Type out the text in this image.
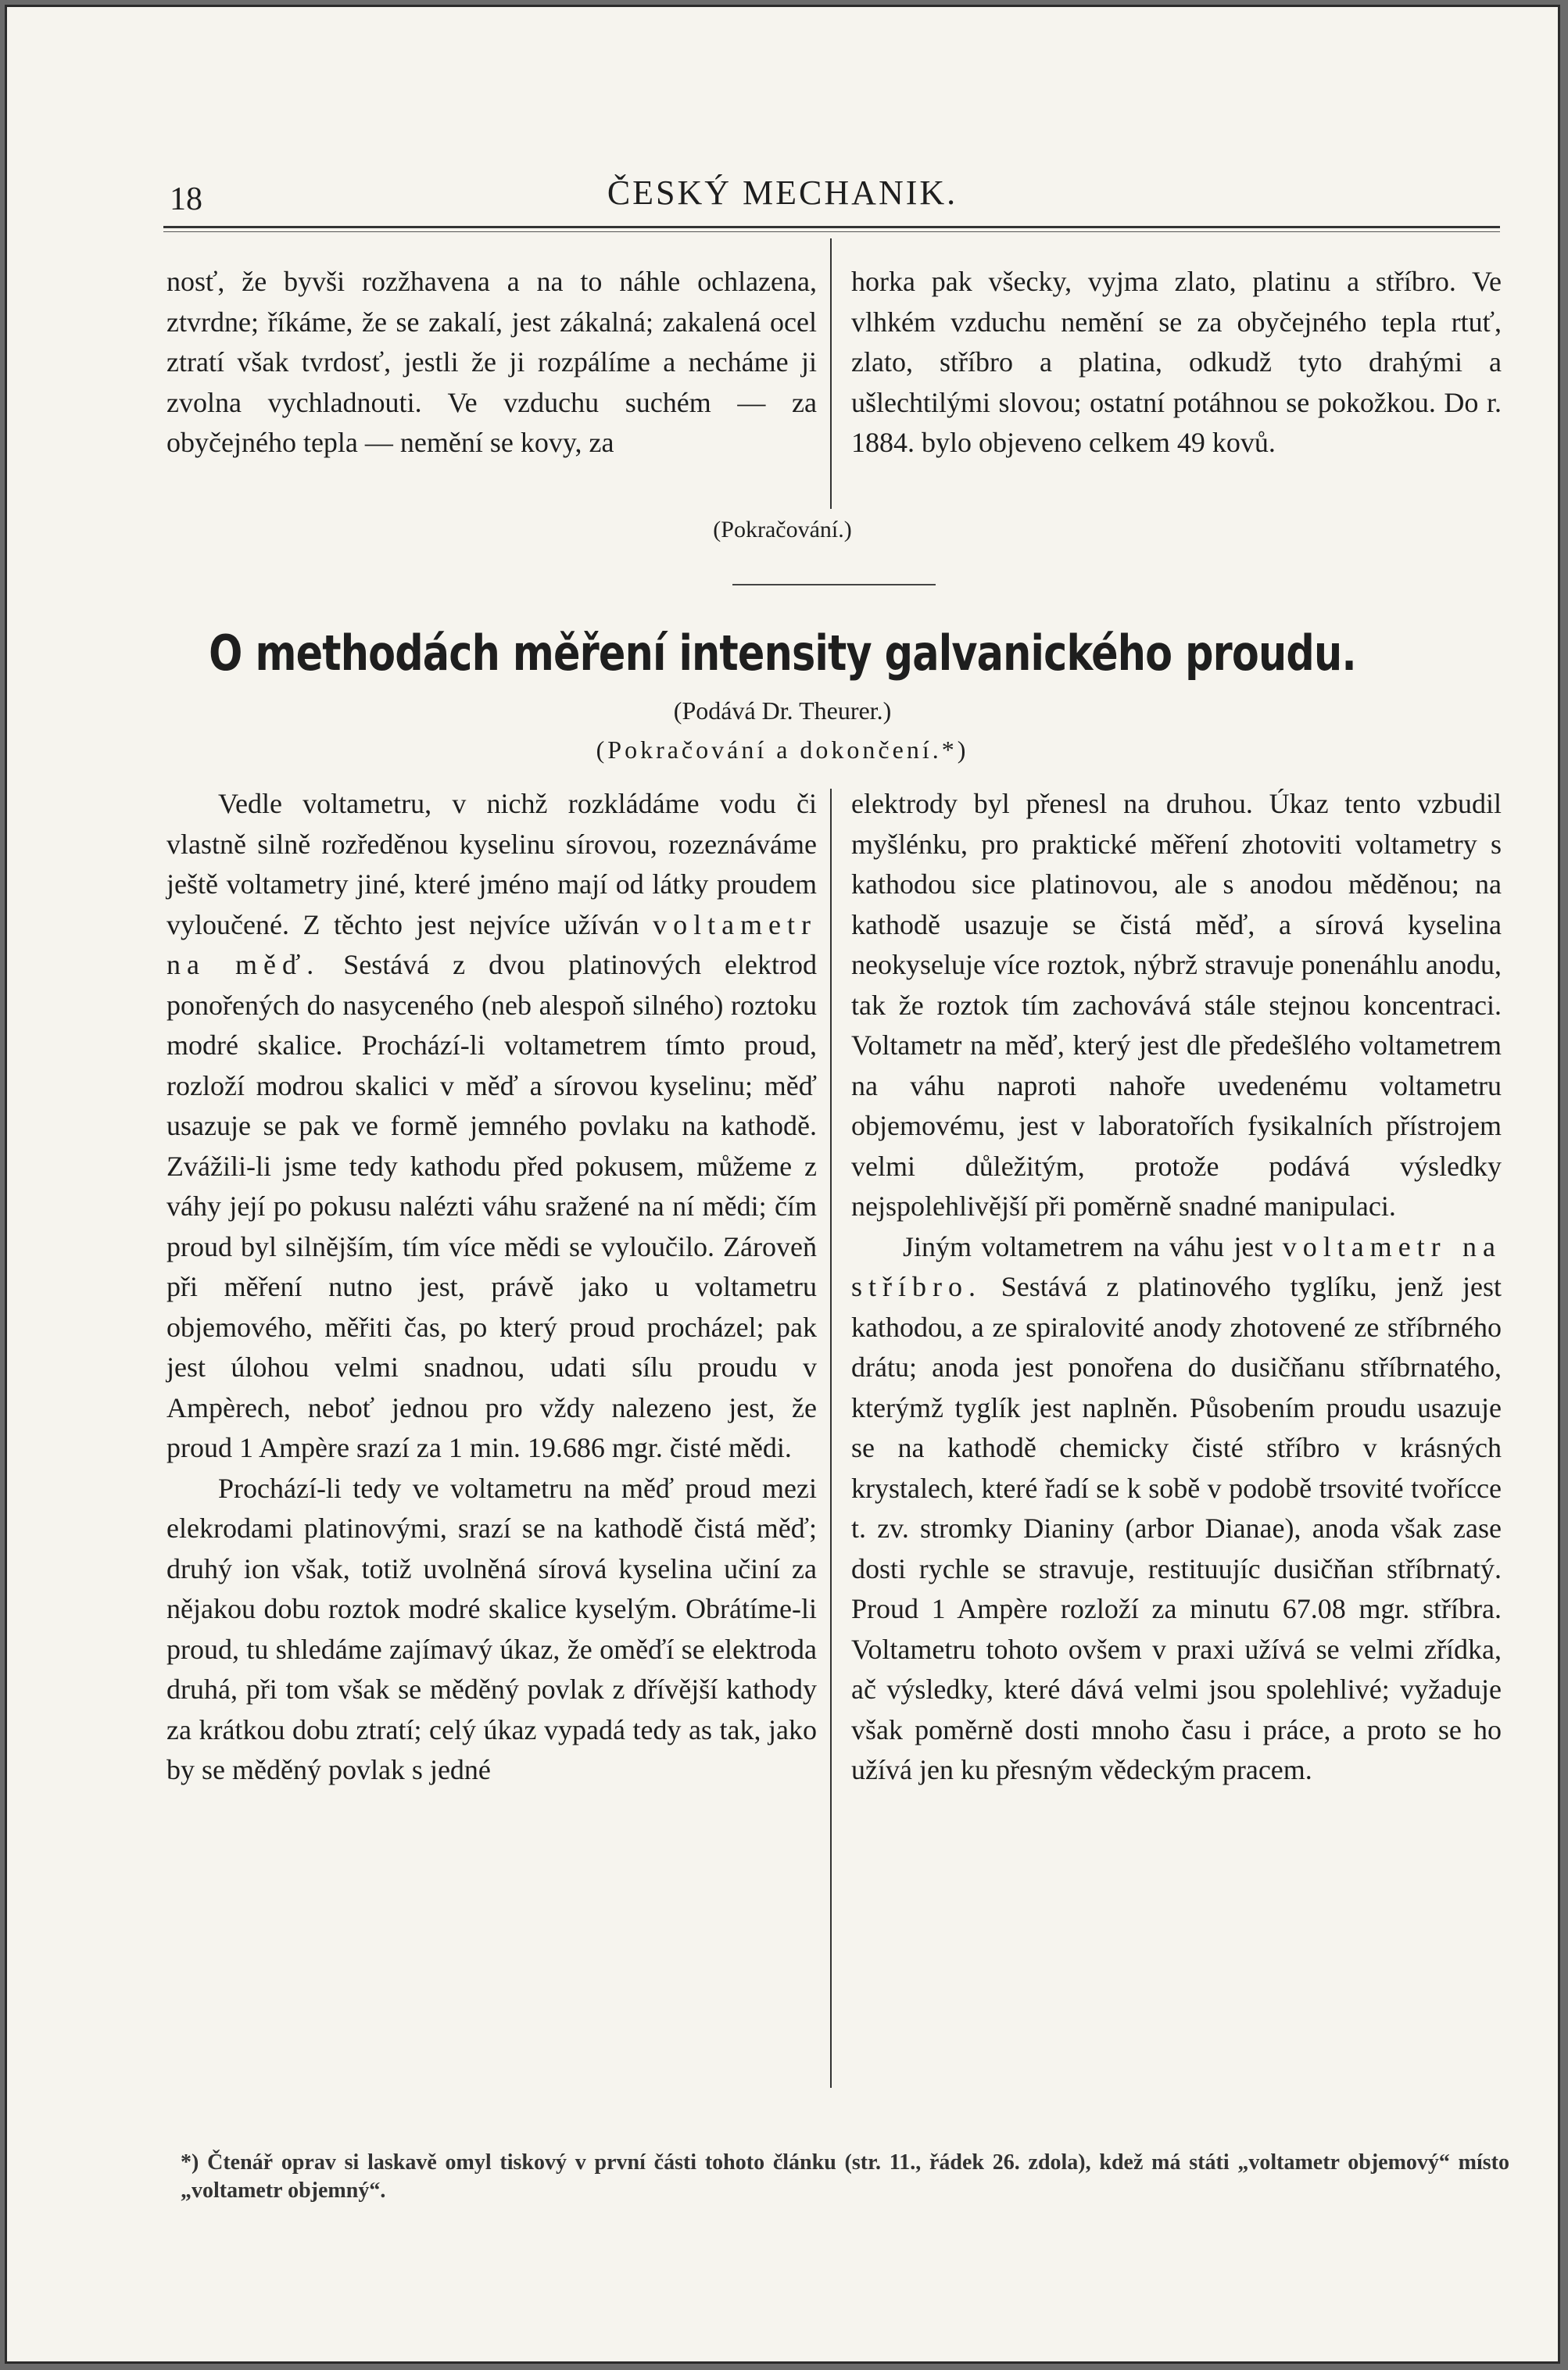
18	ČESKÝ MECHANIK.

nosť, že byvši rozžhavena a na to náhle ochlazena, ztvrdne; říkáme, že se zakalí, jest zákalná; zakalená ocel ztratí však tvrdosť, jestli že ji rozpálíme a necháme ji zvolna vychladnouti. Ve vzduchu suchém — za obyčejného tepla — nemění se kovy, za

horka pak všecky, vyjma zlato, platinu a stříbro. Ve vlhkém vzduchu nemění se za obyčejného tepla rtuť, zlato, stříbro a platina, odkudž tyto drahými a ušlechtilými slovou; ostatní potáhnou se pokožkou. Do r. 1884. bylo objeveno celkem 49 kovů.

(Pokračování.)
O methodách měření intensity galvanického proudu.
(Podává Dr. Theurer.)
(Pokračování a dokončení.*)

Vedle voltametru, v nichž rozkládáme vodu či vlastně silně rozředěnou kyselinu sírovou, rozeznáváme ještě voltametry jiné, které jméno mají od látky proudem vyloučené. Z těchto jest nejvíce užíván voltametr na měď. Sestává z dvou platinových elektrod ponořených do nasyceného (neb alespoň silného) roztoku modré skalice. Prochází-li voltametrem tímto proud, rozloží modrou skalici v měď a sírovou kyselinu; měď usazuje se pak ve formě jemného povlaku na kathodě. Zvážili-li jsme tedy kathodu před pokusem, můžeme z váhy její po pokusu nalézti váhu sražené na ní mědi; čím proud byl silnějším, tím více mědi se vyloučilo. Zároveň při měření nutno jest, právě jako u voltametru objemového, měřiti čas, po který proud procházel; pak jest úlohou velmi snadnou, udati sílu proudu v Ampèrech, neboť jednou pro vždy nalezeno jest, že proud 1 Ampère srazí za 1 min. 19.686 mgr. čisté mědi.

Prochází-li tedy ve voltametru na měď proud mezi elekrodami platinovými, srazí se na kathodě čistá měď; druhý ion však, totiž uvolněná sírová kyselina učiní za nějakou dobu roztok modré skalice kyselým. Obrátíme-li proud, tu shledáme zajímavý úkaz, že oměďí se elektroda druhá, při tom však se měděný povlak z dřívější kathody za krátkou dobu ztratí; celý úkaz vypadá tedy as tak, jako by se měděný povlak s jedné

elektrody byl přenesl na druhou. Úkaz tento vzbudil myšlénku, pro praktické měření zhotoviti voltametry s kathodou sice platinovou, ale s anodou měděnou; na kathodě usazuje se čistá měď, a sírová kyselina neokyseluje více roztok, nýbrž stravuje ponenáhlu anodu, tak že roztok tím zachovává stále stejnou koncentraci. Voltametr na měď, který jest dle předešlého voltametrem na váhu naproti nahoře uvedenému voltametru objemovému, jest v laboratořích fysikalních přístrojem velmi důležitým, protože podává výsledky nejspolehlivější při poměrně snadné manipulaci.

Jiným voltametrem na váhu jest voltametr na stříbro. Sestává z platinového tyglíku, jenž jest kathodou, a ze spiralovité anody zhotovené ze stříbrného drátu; anoda jest ponořena do dusičňanu stříbrnatého, kterýmž tyglík jest naplněn. Působením proudu usazuje se na kathodě chemicky čisté stříbro v krásných krystalech, které řadí se k sobě v podobě trsovité tvořícce t. zv. stromky Dianiny (arbor Dianae), anoda však zase dosti rychle se stravuje, restituujíc dusičňan stříbrnatý. Proud 1 Ampère rozloží za minutu 67.08 mgr. stříbra. Voltametru tohoto ovšem v praxi užívá se velmi zřídka, ač výsledky, které dává velmi jsou spolehlivé; vyžaduje však poměrně dosti mnoho času i práce, a proto se ho užívá jen ku přesným vědeckým pracem.

*) Čtenář oprav si laskavě omyl tiskový v první části tohoto článku (str. 11., řádek 26. zdola), kdež má státi „voltametr objemový“ místo „voltametr objemný“.
